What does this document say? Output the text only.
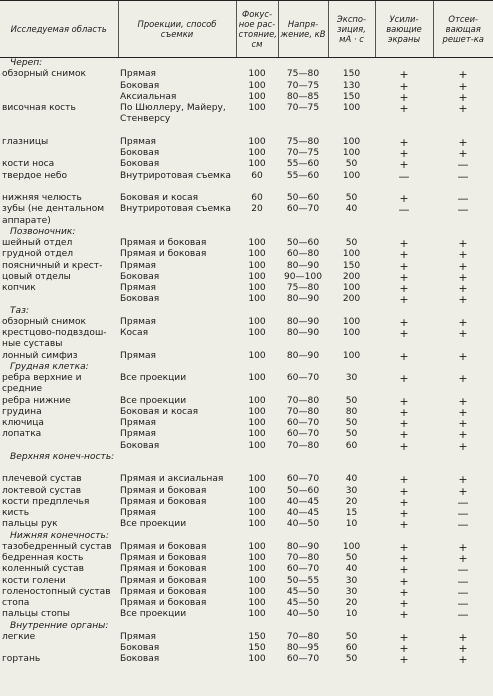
Исследуемая область	Проекции, способ съемки	Фокус-ное рас-стояние, см	Напря-жение, кВ	Экспо-зиция, мА · с	Усили-вающие экраны	Отсеи-вающая решет-ка
Череп:						
обзорный снимок	Прямая	100	75—80	150	+	+
	Боковая	100	70—75	130	+	+
	Аксиальная	100	80—85	150	+	+
височная кость	По Шюллеру, Майеру, Стенверсу	100	70—75	100	+	+
глазницы	Прямая	100	75—80	100	+	+
	Боковая	100	70—75	100	+	+
кости носа	Боковая	100	55—60	50	+	—
твердое небо	Внутриротовая съемка	60	55—60	100	—	—
нижняя челюсть	Боковая и косая	60	50—60	50	+	—
зубы (не дентальном аппарате)	Внутриротовая съемка	20	60—70	40	—	—
Позвоночник:						
шейный отдел	Прямая и боковая	100	50—60	50	+	+
грудной отдел	Прямая и боковая	100	60—80	100	+	+
поясничный и крест-	Прямая	100	80—90	150	+	+
цовый отделы	Боковая	100	90—100	200	+	+
копчик	Прямая	100	75—80	100	+	+
	Боковая	100	80—90	200	+	+
Таз:						
обзорный снимок	Прямая	100	80—90	100	+	+
крестцово-подвздош-	Косая	100	80—90	100	+	+
ные суставы						
лонный симфиз	Прямая	100	80—90	100	+	+
Грудная клетка:						
ребра верхние и средние	Все проекции	100	60—70	30	+	+
ребра нижние	Все проекции	100	70—80	50	+	+
грудина	Боковая и косая	100	70—80	80	+	+
ключица	Прямая	100	60—70	50	+	+
лопатка	Прямая	100	60—70	50	+	+
	Боковая	100	70—80	60	+	+
Верхняя конеч-ность:						
плечевой сустав	Прямая и аксиальная	100	60—70	40	+	+
локтевой сустав	Прямая и боковая	100	50—60	30	+	+
кости предплечья	Прямая и боковая	100	40—45	20	+	—
кисть	Прямая	100	40—45	15	+	—
пальцы рук	Все проекции	100	40—50	10	+	—
Нижняя конечность:						
тазобедренный сустав	Прямая и боковая	100	80—90	100	+	+
бедренная кость	Прямая и боковая	100	70—80	50	+	+
коленный сустав	Прямая и боковая	100	60—70	40	+	—
кости голени	Прямая и боковая	100	50—55	30	+	—
голеностопный сустав	Прямая и боковая	100	45—50	30	+	—
стопа	Прямая и боковая	100	45—50	20	+	—
пальцы стопы	Все проекции	100	40—50	10	+	—
Внутренние органы:						
легкие	Прямая	150	70—80	50	+	+
	Боковая	150	80—95	60	+	+
гортань	Боковая	100	60—70	50	+	+
